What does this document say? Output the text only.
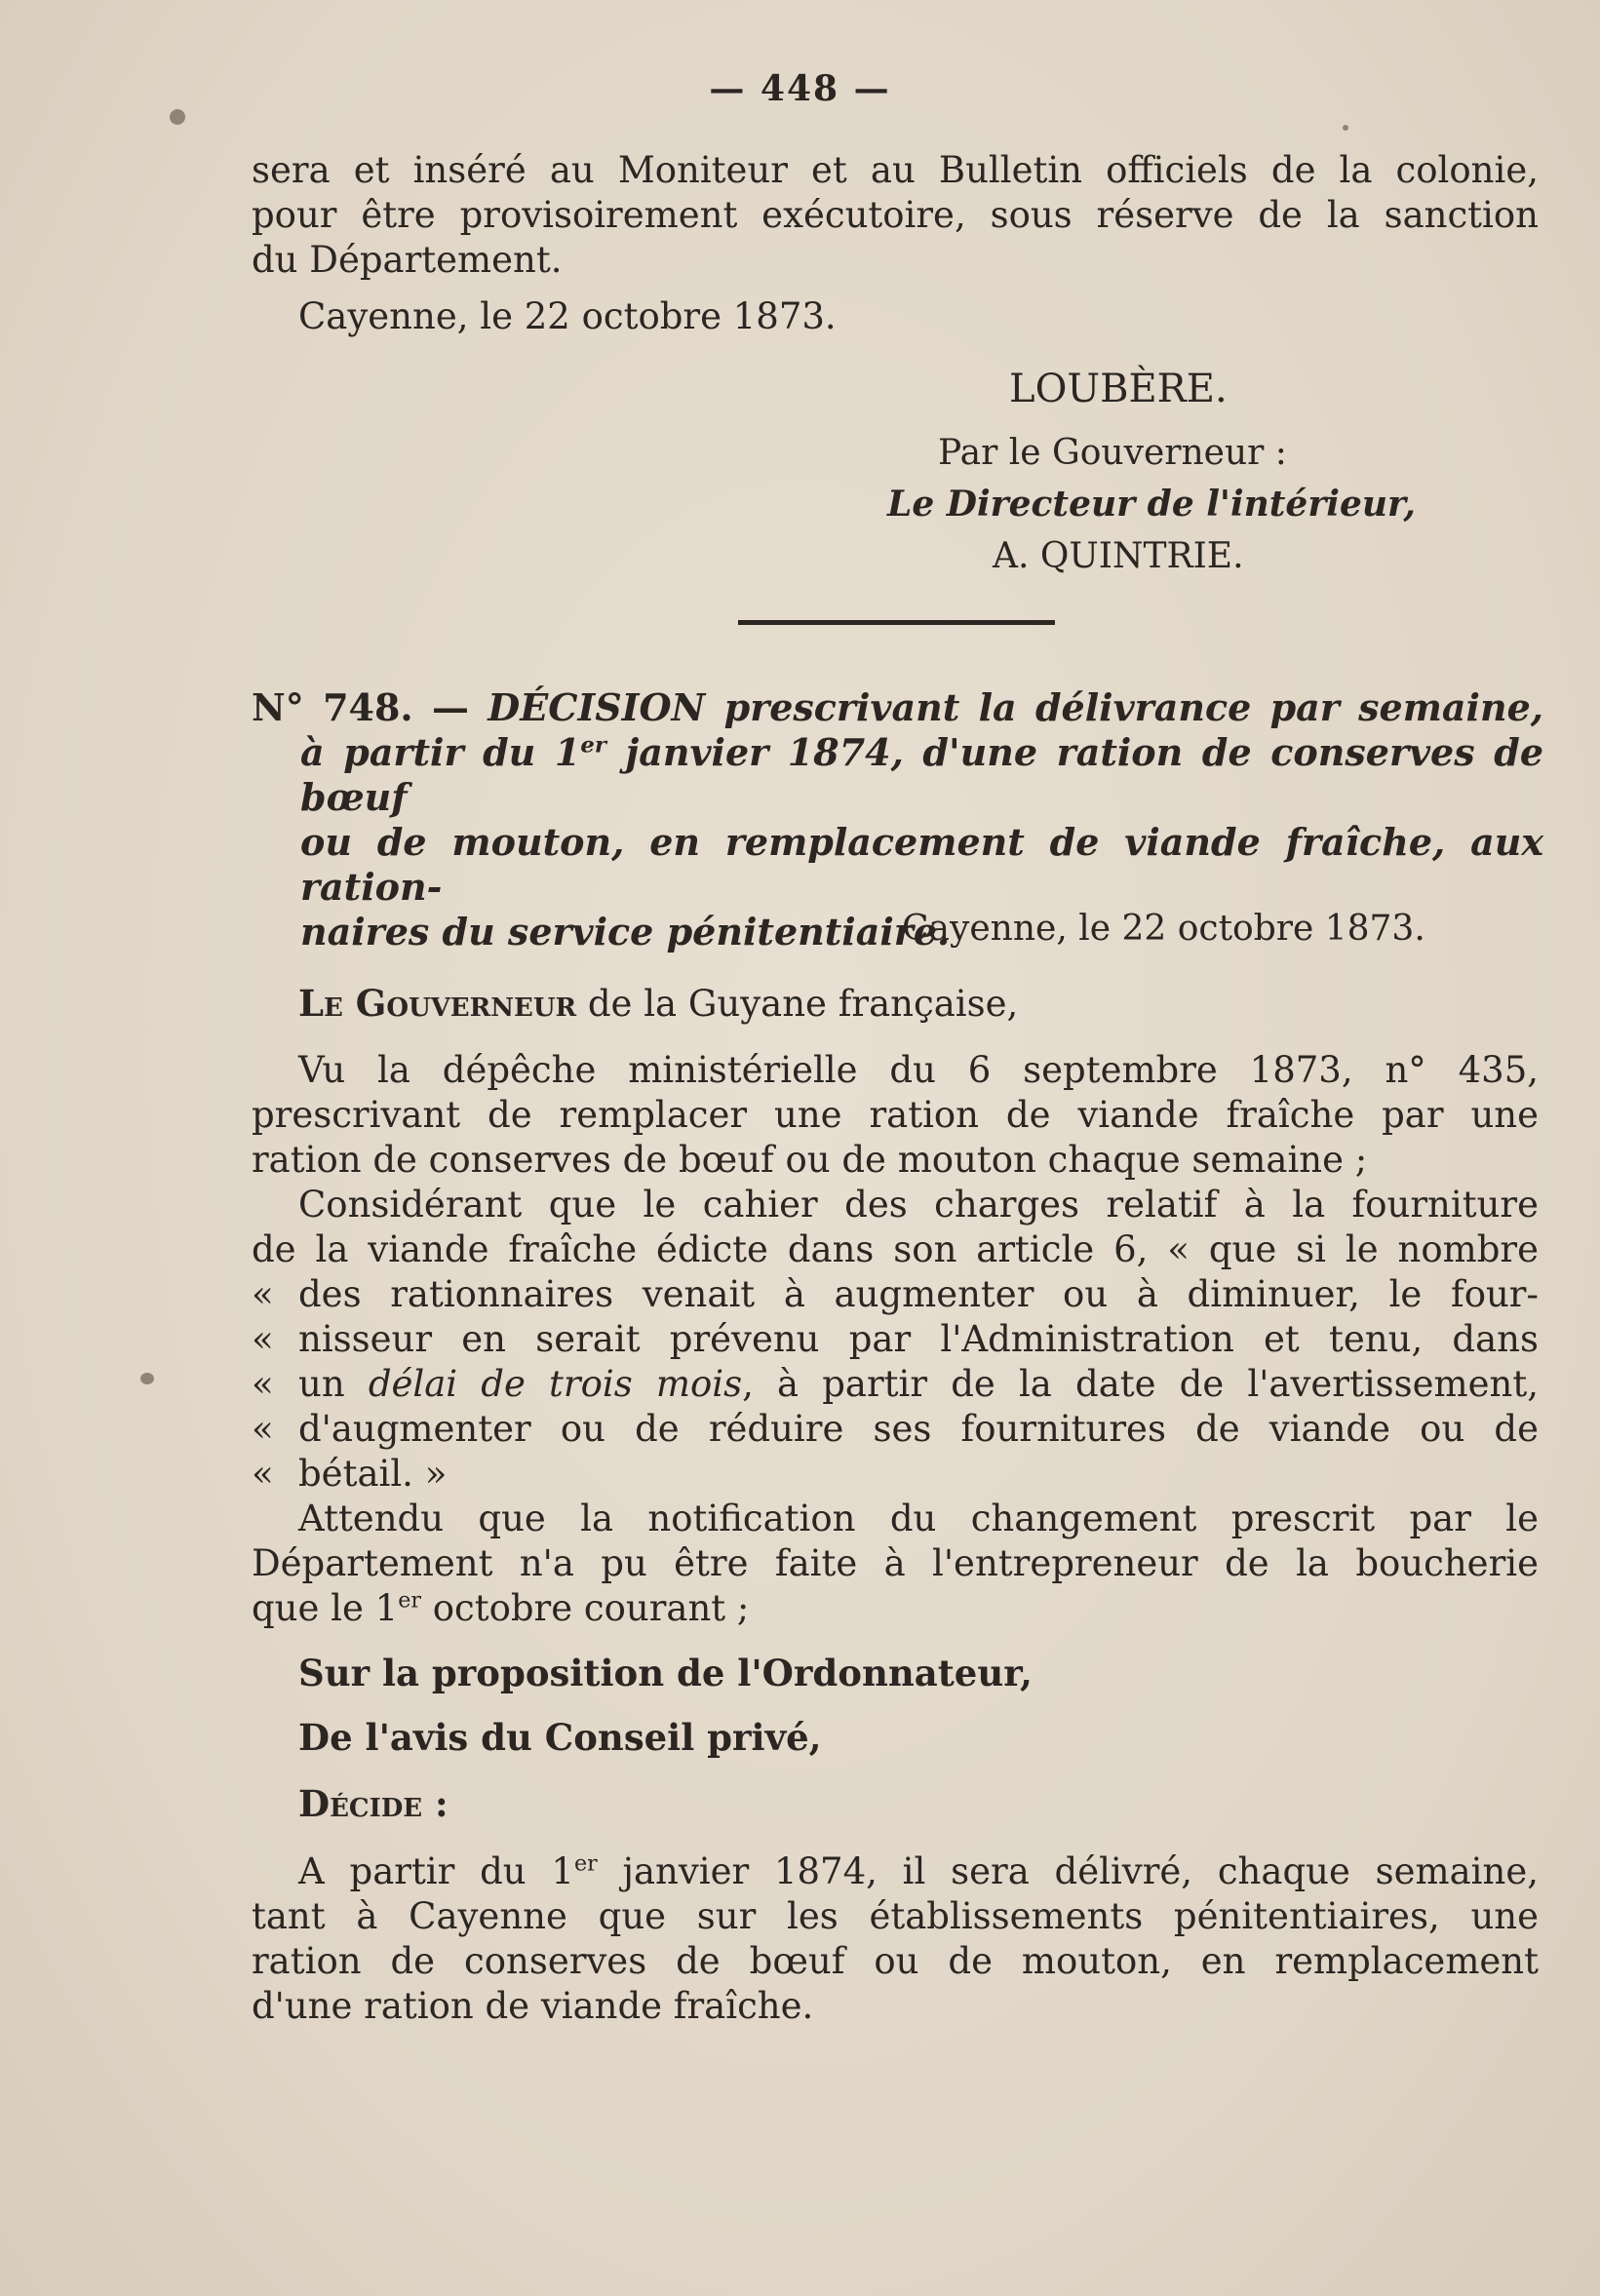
— 448 —
sera et inséré au Moniteur et au Bulletin officiels de la colonie,
pour être provisoirement exécutoire, sous réserve de la sanction
du Département.
Cayenne, le 22 octobre 1873.
LOUBÈRE.
Par le Gouverneur :
Le Directeur de l'intérieur,
A. QUINTRIE.
N° 748. — DÉCISION prescrivant la délivrance par semaine,
à partir du 1er janvier 1874, d'une ration de conserves de bœuf
ou de mouton, en remplacement de viande fraîche, aux ration-
naires du service pénitentiaire.
Cayenne, le 22 octobre 1873.
Le Gouverneur de la Guyane française,
Vu la dépêche ministérielle du 6 septembre 1873, n° 435,
prescrivant de remplacer une ration de viande fraîche par une
ration de conserves de bœuf ou de mouton chaque semaine ;
Considérant que le cahier des charges relatif à la fourniture
de la viande fraîche édicte dans son article 6, « que si le nombre
« des rationnaires venait à augmenter ou à diminuer, le four-
« nisseur en serait prévenu par l'Administration et tenu, dans
« un délai de trois mois, à partir de la date de l'avertissement,
« d'augmenter ou de réduire ses fournitures de viande ou de
« bétail. »
Attendu que la notification du changement prescrit par le
Département n'a pu être faite à l'entrepreneur de la boucherie
que le 1er octobre courant ;
Sur la proposition de l'Ordonnateur,
De l'avis du Conseil privé,
Décide :
A partir du 1er janvier 1874, il sera délivré, chaque semaine,
tant à Cayenne que sur les établissements pénitentiaires, une
ration de conserves de bœuf ou de mouton, en remplacement
d'une ration de viande fraîche.
